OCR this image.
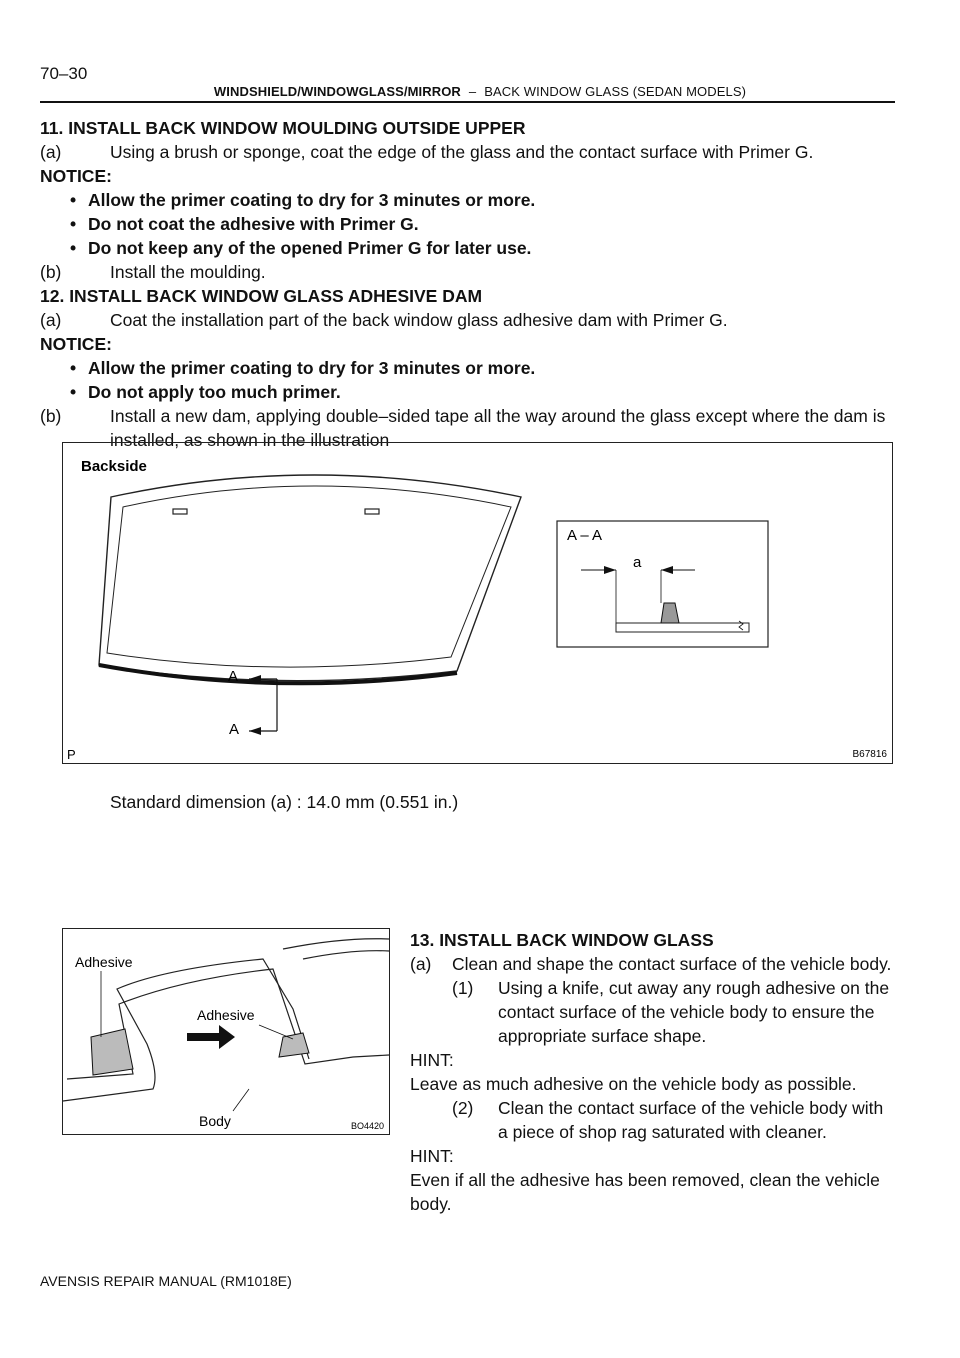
70–30
WINDSHIELD/WINDOWGLASS/MIRROR – BACK WINDOW GLASS (SEDAN MODELS)
11. INSTALL BACK WINDOW MOULDING OUTSIDE UPPER
(a)	Using a brush or sponge, coat the edge of the glass and the contact surface with Primer G.
NOTICE:
• Allow the primer coating to dry for 3 minutes or more.
• Do not coat the adhesive with Primer G.
• Do not keep any of the opened Primer G for later use.
(b)	Install the moulding.
12. INSTALL BACK WINDOW GLASS ADHESIVE DAM
(a)	Coat the installation part of the back window glass adhesive dam with Primer G.
NOTICE:
• Allow the primer coating to dry for 3 minutes or more.
• Do not apply too much primer.
(b)	Install a new dam, applying double–sided tape all the way around the glass except where the dam is
installed, as shown in the illustration
Backside
A
A
A – A
a
P	B67816
Standard dimension (a) : 14.0 mm (0.551 in.)
Adhesive
Adhesive
Body	BO4420
13. INSTALL BACK WINDOW GLASS
(a) Clean and shape the contact surface of the vehicle body.
(1) Using a knife, cut away any rough adhesive on the
contact surface of the vehicle body to ensure the
appropriate surface shape.
HINT:
Leave as much adhesive on the vehicle body as possible.
(2) Clean the contact surface of the vehicle body with
a piece of shop rag saturated with cleaner.
HINT:
Even if all the adhesive has been removed, clean the vehicle
body.
AVENSIS REPAIR MANUAL (RM1018E)
